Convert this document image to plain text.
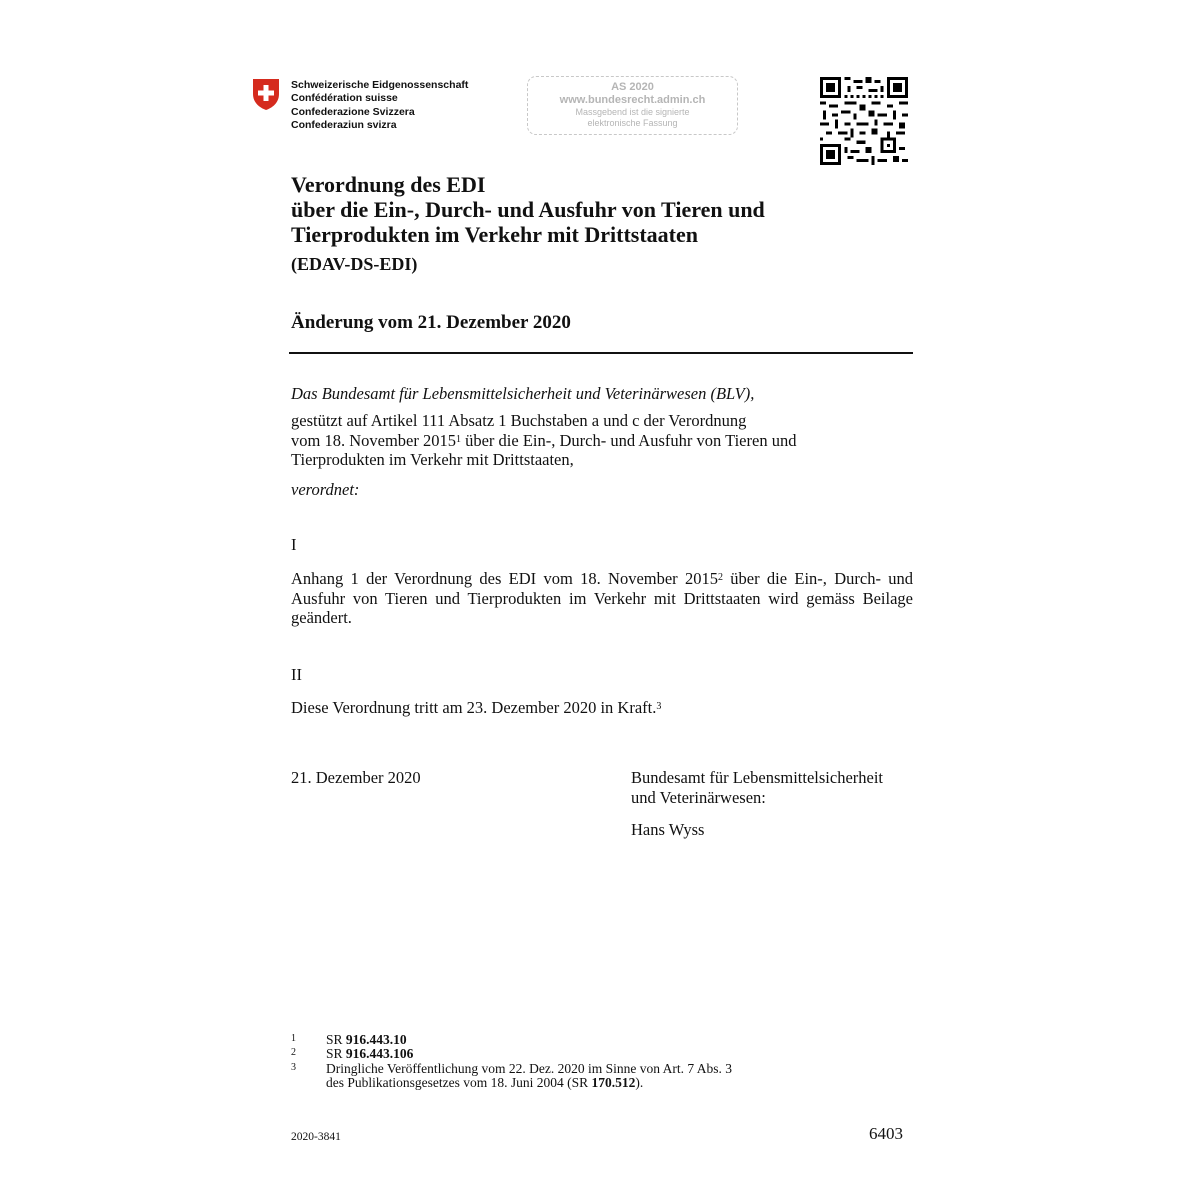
Schweizerische Eidgenossenschaft
Confédération suisse
Confederazione Svizzera
Confederaziun svizra
AS 2020
www.bundesrecht.admin.ch
Massgebend ist die signierte
elektronische Fassung
Verordnung des EDI
über die Ein-, Durch- und Ausfuhr von Tieren und
Tierprodukten im Verkehr mit Drittstaaten
(EDAV-DS-EDI)
Änderung vom 21. Dezember 2020
Das Bundesamt für Lebensmittelsicherheit und Veterinärwesen (BLV),
gestützt auf Artikel 111 Absatz 1 Buchstaben a und c der Verordnung
vom 18. November 2015$^1$ über die Ein-, Durch- und Ausfuhr von Tieren und
Tierprodukten im Verkehr mit Drittstaaten,
verordnet:
I
Anhang 1 der Verordnung des EDI vom 18. November 2015$^2$ über die Ein-, Durch- und Ausfuhr von Tieren und Tierprodukten im Verkehr mit Drittstaaten wird gemäss Beilage geändert.
II
Diese Verordnung tritt am 23. Dezember 2020 in Kraft.$^3$
21. Dezember 2020	Bundesamt für Lebensmittelsicherheit
und Veterinärwesen:
Hans Wyss
1 SR 916.443.10
2 SR 916.443.106
3 Dringliche Veröffentlichung vom 22. Dez. 2020 im Sinne von Art. 7 Abs. 3
des Publikationsgesetzes vom 18. Juni 2004 (SR 170.512).
2020-3841	6403
